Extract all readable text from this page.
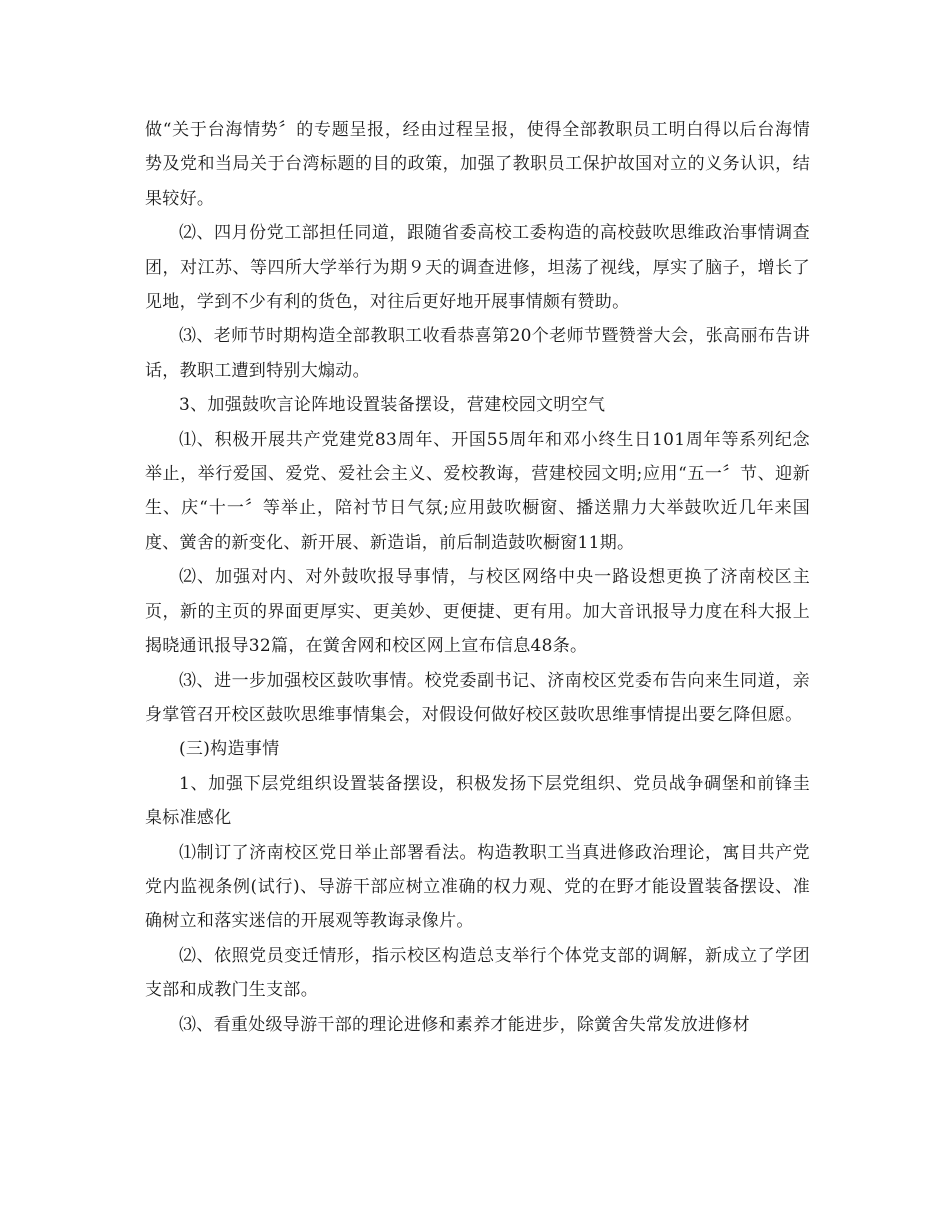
做“关于台海情势〞的专题呈报，经由过程呈报，使得全部教职员工明白得以后台海情势及党和当局关于台湾标题的目的政策，加强了教职员工保护故国对立的义务认识，结果较好。

⑵、四月份党工部担任同道，跟随省委高校工委构造的高校鼓吹思维政治事情调查团，对江苏、等四所大学举行为期９天的调查进修，坦荡了视线，厚实了脑子，增长了见地，学到不少有利的货色，对往后更好地开展事情颇有赞助。

⑶、老师节时期构造全部教职工收看恭喜第20个老师节暨赞誉大会，张高丽布告讲话，教职工遭到特别大煽动。

3、加强鼓吹言论阵地设置装备摆设，营建校园文明空气

⑴、积极开展共产党建党83周年、开国55周年和邓小终生日101周年等系列纪念举止，举行爱国、爱党、爱社会主义、爱校教诲，营建校园文明;应用“五一〞节、迎新生、庆“十一〞等举止，陪衬节日气氛;应用鼓吹橱窗、播送鼎力大举鼓吹近几年来国度、黉舍的新变化、新开展、新造诣，前后制造鼓吹橱窗11期。

⑵、加强对内、对外鼓吹报导事情，与校区网络中央一路设想更换了济南校区主页，新的主页的界面更厚实、更美妙、更便捷、更有用。加大音讯报导力度在科大报上揭晓通讯报导32篇，在黉舍网和校区网上宣布信息48条。

⑶、进一步加强校区鼓吹事情。校党委副书记、济南校区党委布告向来生同道，亲身掌管召开校区鼓吹思维事情集会，对假设何做好校区鼓吹思维事情提出要乞降但愿。

(三)构造事情

1、加强下层党组织设置装备摆设，积极发扬下层党组织、党员战争碉堡和前锋圭臬标准感化

⑴制订了济南校区党日举止部署看法。构造教职工当真进修政治理论，寓目共产党党内监视条例(试行)、导游干部应树立准确的权力观、党的在野才能设置装备摆设、准确树立和落实迷信的开展观等教诲录像片。

⑵、依照党员变迁情形，指示校区构造总支举行个体党支部的调解，新成立了学团支部和成教门生支部。

⑶、看重处级导游干部的理论进修和素养才能进步，除黉舍失常发放进修材
